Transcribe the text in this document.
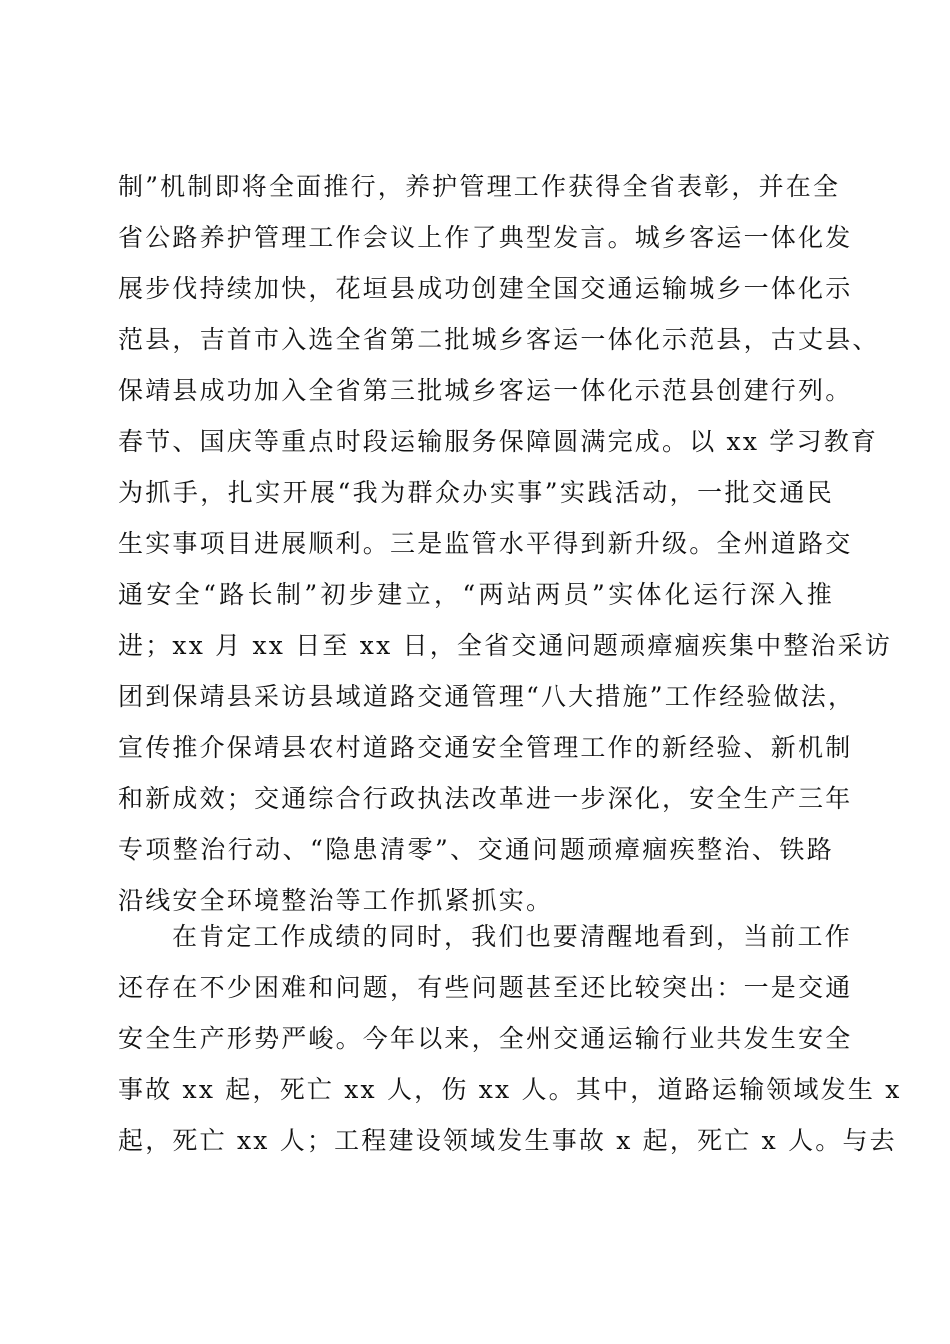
制”机制即将全面推行，养护管理工作获得全省表彰，并在全
省公路养护管理工作会议上作了典型发言。城乡客运一体化发
展步伐持续加快，花垣县成功创建全国交通运输城乡一体化示
范县，吉首市入选全省第二批城乡客运一体化示范县，古丈县、
保靖县成功加入全省第三批城乡客运一体化示范县创建行列。
春节、国庆等重点时段运输服务保障圆满完成。以 xx 学习教育
为抓手，扎实开展“我为群众办实事”实践活动，一批交通民
生实事项目进展顺利。三是监管水平得到新升级。全州道路交
通安全“路长制”初步建立，“两站两员”实体化运行深入推
进；xx 月 xx 日至 xx 日，全省交通问题顽瘴痼疾集中整治采访
团到保靖县采访县域道路交通管理“八大措施”工作经验做法，
宣传推介保靖县农村道路交通安全管理工作的新经验、新机制
和新成效；交通综合行政执法改革进一步深化，安全生产三年
专项整治行动、“隐患清零”、交通问题顽瘴痼疾整治、铁路
沿线安全环境整治等工作抓紧抓实。
在肯定工作成绩的同时，我们也要清醒地看到，当前工作
还存在不少困难和问题，有些问题甚至还比较突出：一是交通
安全生产形势严峻。今年以来，全州交通运输行业共发生安全
事故 xx 起，死亡 xx 人，伤 xx 人。其中，道路运输领域发生 x
起，死亡 xx 人；工程建设领域发生事故 x 起，死亡 x 人。与去
